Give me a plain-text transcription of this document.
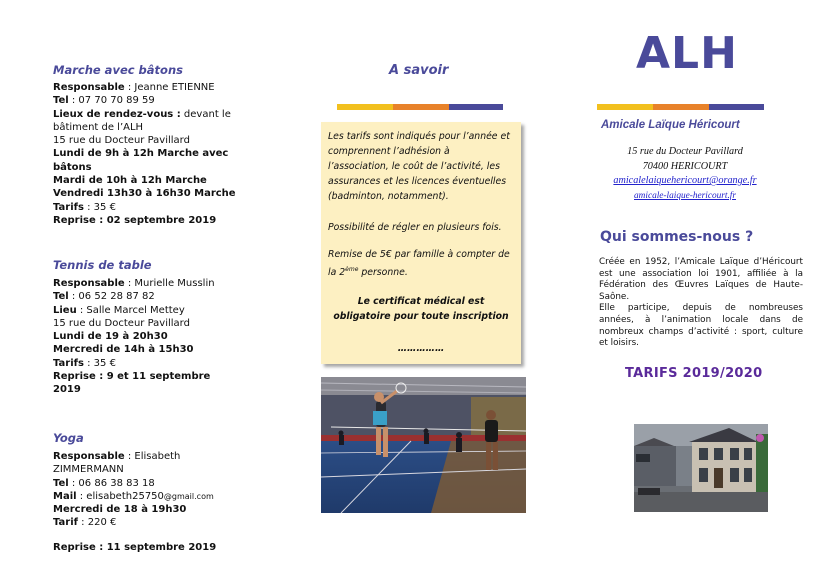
Marche avec bâtons
Responsable : Jeanne ETIENNE
Tel : 07 70 70 89 59
Lieux de rendez-vous : devant le
bâtiment de l’ALH
15 rue du Docteur Pavillard
Lundi de 9h à 12h Marche avec
bâtons
Mardi de 10h à 12h Marche
Vendredi 13h30 à 16h30 Marche
Tarifs : 35 €
Reprise : 02 septembre 2019
Tennis de table
Responsable : Murielle Musslin
Tel : 06 52 28 87 82
Lieu : Salle Marcel Mettey
15 rue du Docteur Pavillard
Lundi de 19 à 20h30
Mercredi de 14h à 15h30
Tarifs : 35 €
Reprise : 9 et 11 septembre
2019
Yoga
Responsable : Elisabeth
ZIMMERMANN
Tel : 06 86 38 83 18
Mail : elisabeth25750@gmail.com
Mercredi de 18 à 19h30
Tarif : 220 €
Reprise : 11 septembre 2019
A savoir
Les tarifs sont indiqués pour l’année et
comprennent l’adhésion à
l’association, le coût de l’activité, les
assurances et les licences éventuelles
(badminton, notamment).
Possibilité de régler en plusieurs fois.
Remise de 5€ par famille à compter de
la 2ème personne.
Le certificat médical est
obligatoire pour toute inscription
……………
ALH
Amicale Laïque Héricourt
15 rue du Docteur Pavillard
70400 HERICOURT
amicalelaiquehericourt@orange.fr
amicale-laique-hericourt.fr
Qui sommes-nous ?
Créée en 1952, l’Amicale Laïque d’Héricourt
est une association loi 1901, affiliée à la
Fédération des Œuvres Laïques de Haute-
Saône.
Elle participe, depuis de nombreuses
années, à l’animation locale dans de
nombreux champs d’activité : sport, culture
et loisirs.
TARIFS 2019/2020
